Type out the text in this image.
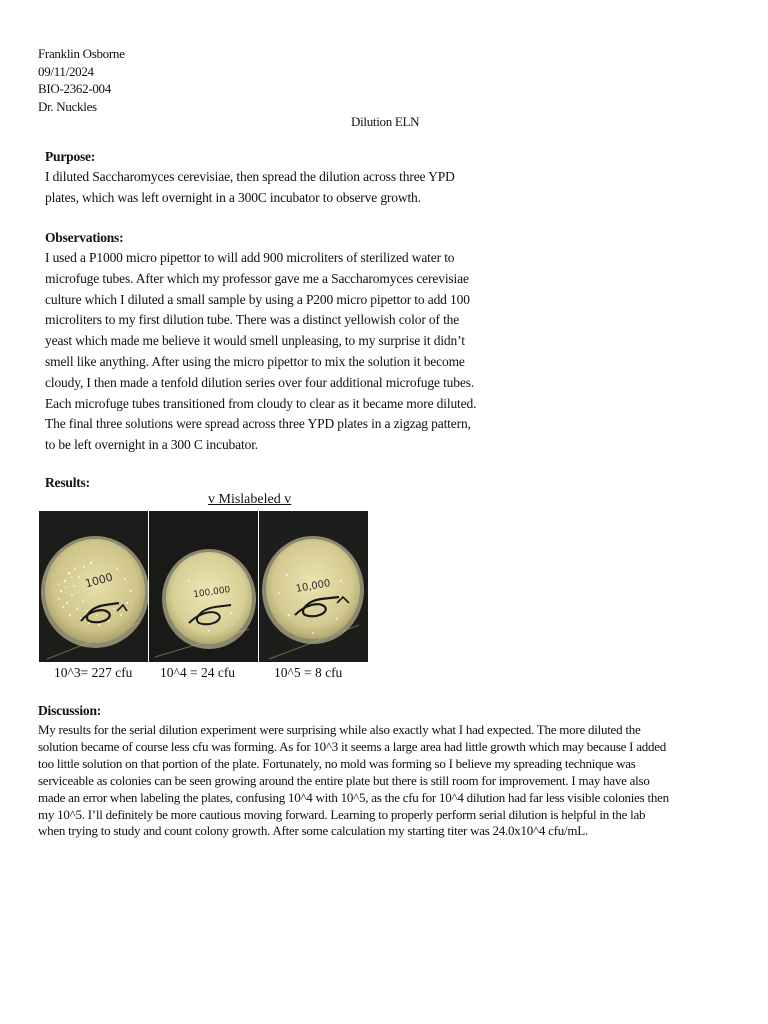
Franklin Osborne
09/11/2024
BIO-2362-004
Dr. Nuckles
Dilution ELN
Purpose:
I diluted Saccharomyces cerevisiae, then spread the dilution across three YPD
plates, which was left overnight in a 300C incubator to observe growth.
Observations:
I used a P1000 micro pipettor to will add 900 microliters of sterilized water to
microfuge tubes. After which my professor gave me a Saccharomyces cerevisiae
culture which I diluted a small sample by using a P200 micro pipettor to add 100
microliters to my first dilution tube. There was a distinct yellowish color of the
yeast which made me believe it would smell unpleasing, to my surprise it didn’t
smell like anything. After using the micro pipettor to mix the solution it become
cloudy, I then made a tenfold dilution series over four additional microfuge tubes.
Each microfuge tubes transitioned from cloudy to clear as it became more diluted.
The final three solutions were spread across three YPD plates in a zigzag pattern,
to be left overnight in a 300 C incubator.
Results:
v Mislabeled v
1000
100,000	10,000
10^3= 227 cfu 10^4 = 24 cfu	10^5 = 8 cfu
Discussion:
My results for the serial dilution experiment were surprising while also exactly what I had expected. The more diluted the
solution became of course less cfu was forming. As for 10^3 it seems a large area had little growth which may because I added
too little solution on that portion of the plate. Fortunately, no mold was forming so I believe my spreading technique was
serviceable as colonies can be seen growing around the entire plate but there is still room for improvement. I may have also
made an error when labeling the plates, confusing 10^4 with 10^5, as the cfu for 10^4 dilution had far less visible colonies then
my 10^5. I’ll definitely be more cautious moving forward. Learning to properly perform serial dilution is helpful in the lab
when trying to study and count colony growth. After some calculation my starting titer was 24.0x10^4 cfu/mL.
